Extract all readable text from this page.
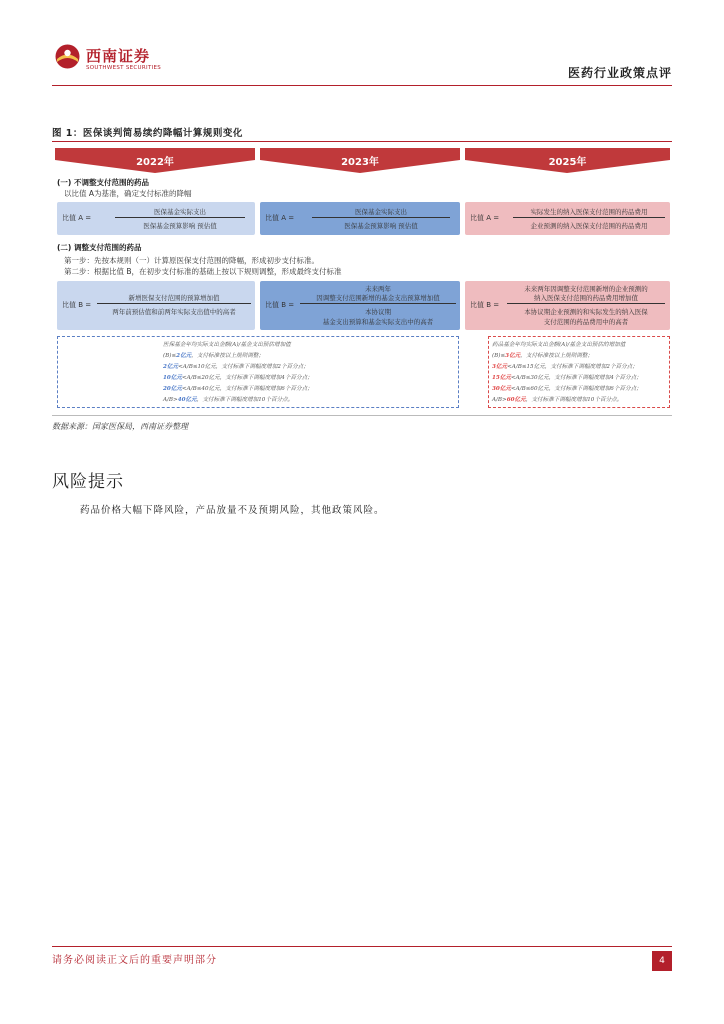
西南证券
SOUTHWEST SECURITIES	医药行业政策点评
图 1：医保谈判简易续约降幅计算规则变化
2022年	2023年	2025年
(一) 不调整支付范围的药品
以比值 A为基准，确定支付标准的降幅
比值 A =
医保基金实际支出
医保基金预算影响 预估值
比值 A =
医保基金实际支出
医保基金预算影响 预估值
比值 A =
实际发生的纳入医保支付范围的药品费用
企业预测的纳入医保支付范围的药品费用
(二) 调整支付范围的药品
第一步：先按本规则（一）计算原医保支付范围的降幅，形成初步支付标准。
第二步：根据比值 B，在初步支付标准的基础上按以下规则调整，形成最终支付标准
比值 B =
新增医保支付范围的预算增加值
两年前预估值和前两年实际支出值中的高者
比值 B =
未来两年
因调整支付范围新增的基金支出预算增加值
本协议期
基金支出预算和基金实际支出中的高者
比值 B =
未来两年因调整支付范围新增的企业预测的
纳入医保支付范围的药品费用增加值
本协议期企业预测的和实际发生的纳入医保
支付范围的药品费用中的高者
医保基金年均实际支出金额(A)/基金支出预估增加值
(B)≤2亿元，支付标准按以上规则调整；
2亿元<A/B≤10亿元，支付标准下调幅度增加2个百分点；
10亿元<A/B≤20亿元，支付标准下调幅度增加4个百分点；
20亿元<A/B≤40亿元，支付标准下调幅度增加6个百分点；
A/B>40亿元，支付标准下调幅度增加10个百分点。
药品基金年均实际支出金额(A)/基金支出预估的增加值
(B)≤3亿元，支付标准按以上规则调整；
3亿元<A/B≤15亿元，支付标准下调幅度增加2个百分点；
15亿元<A/B≤30亿元，支付标准下调幅度增加4个百分点；
30亿元<A/B≤60亿元，支付标准下调幅度增加6个百分点；
A/B>60亿元，支付标准下调幅度增加10个百分点。
数据来源：国家医保局，西南证券整理
风险提示
药品价格大幅下降风险，产品放量不及预期风险，其他政策风险。
请务必阅读正文后的重要声明部分	4
